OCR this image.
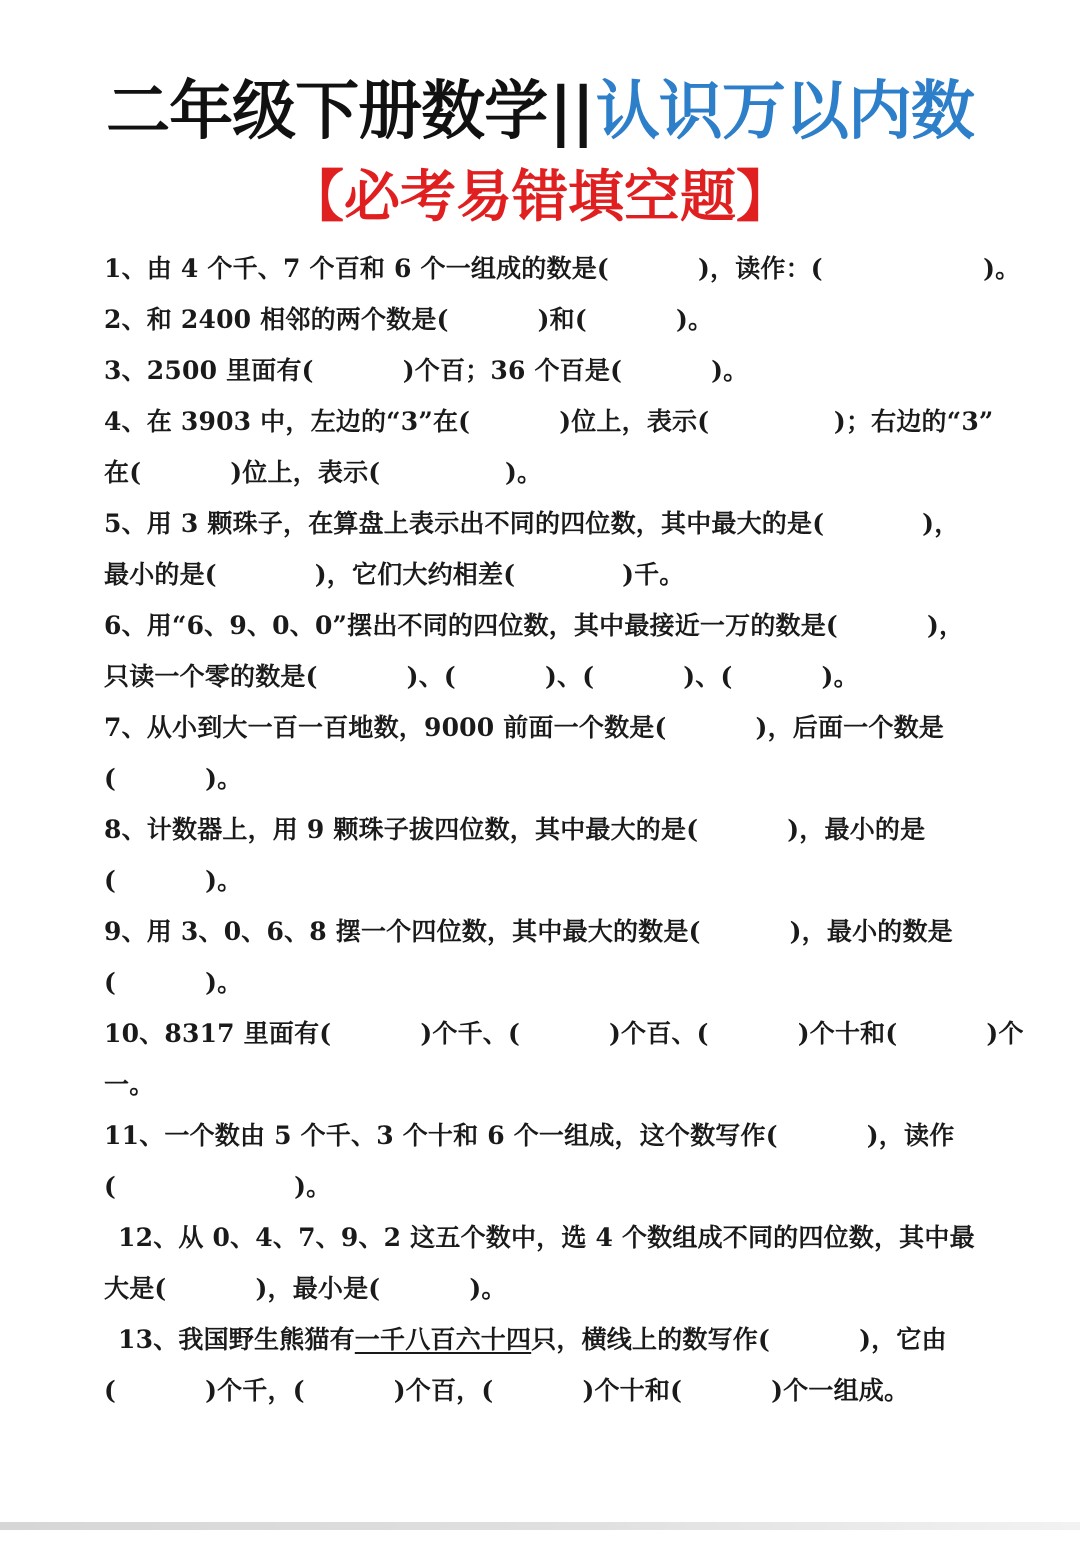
二年级下册数学||认识万以内数
【必考易错填空题】
1、由 4 个千、7 个百和 6 个一组成的数是(          )，读作：(                  )。
2、和 2400 相邻的两个数是(          )和(          )。
3、2500 里面有(          )个百；36 个百是(          )。
4、在 3903 中，左边的“3”在(          )位上，表示(              )；右边的“3”
在(          )位上，表示(              )。
5、用 3 颗珠子，在算盘上表示出不同的四位数，其中最大的是(           )，
最小的是(           )，它们大约相差(            )千。
6、用“6、9、0、0”摆出不同的四位数，其中最接近一万的数是(          )，
只读一个零的数是(          )、(          )、(          )、(          )。
7、从小到大一百一百地数，9000 前面一个数是(          )，后面一个数是
(          )。
8、计数器上，用 9 颗珠子拔四位数，其中最大的是(          )，最小的是
(          )。
9、用 3、0、6、8 摆一个四位数，其中最大的数是(          )，最小的数是
(          )。
10、8317 里面有(          )个千、(          )个百、(          )个十和(          )个
一。
11、一个数由 5 个千、3 个十和 6 个一组成，这个数写作(          )，读作
(                    )。
12、从 0、4、7、9、2 这五个数中，选 4 个数组成不同的四位数，其中最
大是(          )，最小是(          )。
13、我国野生熊猫有一千八百六十四只，横线上的数写作(          )，它由
(          )个千，(          )个百，(          )个十和(          )个一组成。
